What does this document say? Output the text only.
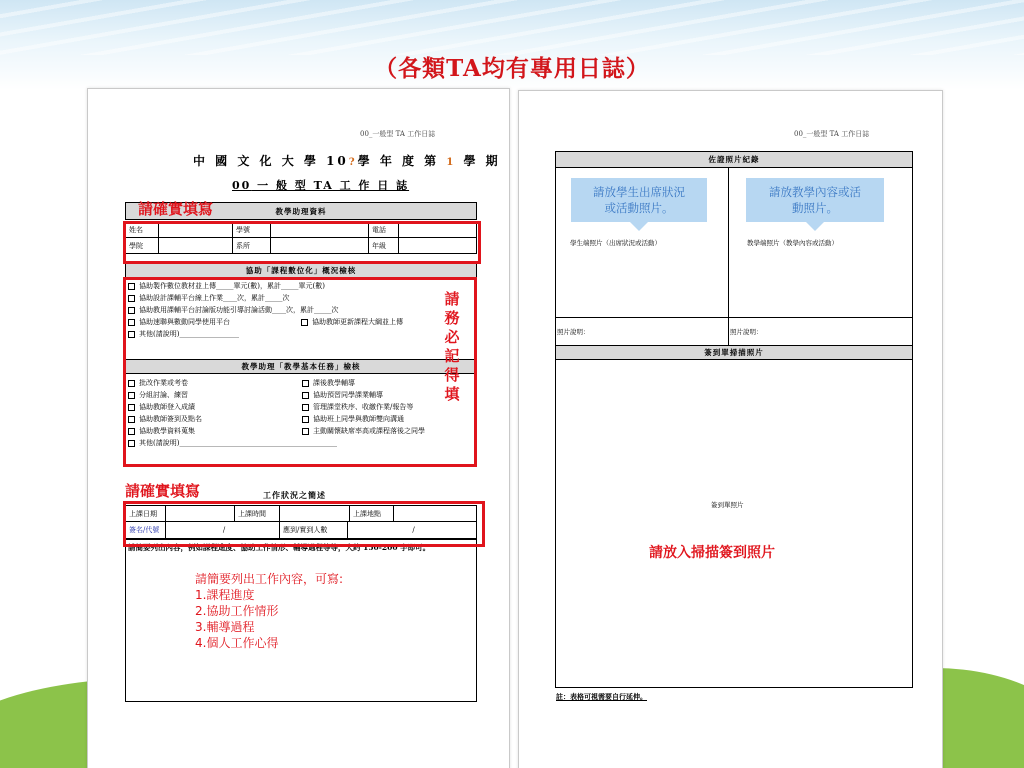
（各類TA均有專用日誌）
00_一般型 TA 工作日誌
中 國 文 化 大 學 10?學 年 度 第 1 學 期
00 一 般 型 TA 工 作 日 誌
教學助理資料
姓名	學號	電話
學院	系所	年級
協助「課程數位化」概況檢核
協助製作數位教材並上傳_____單元(數)，累計_____單元(數)
協助設計課輔平台線上作業____次，累計_____次
協助教用課輔平台討論版功能引導討論活動____次，累計_____次
協助速聯與數動同學使用平台	協助教師更新課程大綱並上傳
其他(請說明)_________________
教學助理「教學基本任務」檢核
批改作業或考卷
分組討論、練習
協助教師登入成績
協助教師簽到及點名
協助教學資料蒐集
其他(請說明)_____________________________________________
課後教學輔導
協助預習同學課業輔導
管理課堂秩序、收繳作業/報告等
協助班上同學與教師雙向溝通
主動關懷缺席率高或課程落後之同學
工作狀況之簡述
上課日期	上課時間	上課地點
簽名/代號	/	應到/實到人數	/
請簡要列出內容，例如課程進度、協助工作情形、輔導過程等等，大約 150-200 字即可。
請確實填寫
請確實填寫
請
務
必
記
得
填
請簡要列出工作內容，可寫:
1.課程進度
2.協助工作情形
3.輔導過程
4.個人工作心得
00_一般型 TA 工作日誌
佐證照片紀錄
學生端照片（出席狀況或活動）	教學端照片（教學內容或活動）
照片說明：	照片說明：
簽到單掃描照片
簽到單照片
請放入掃描簽到照片
請放學生出席狀況
或活動照片。
請放教學內容或活
動照片。
註：表格可視需要自行延伸。
